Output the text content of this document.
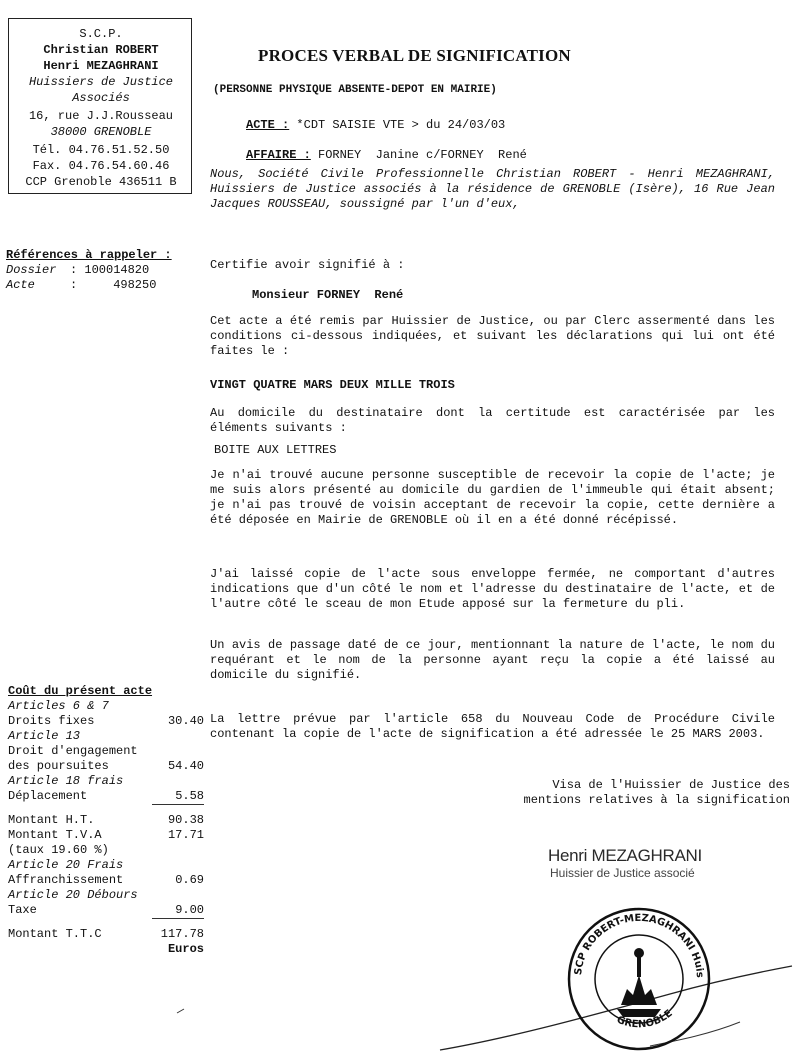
S.C.P.
Christian ROBERT
Henri MEZAGHRANI
Huissiers de Justice
Associés
16, rue J.J.Rousseau
38000 GRENOBLE
Tél. 04.76.51.52.50
Fax. 04.76.54.60.46
CCP Grenoble 436511 B
Références à rappeler :
Dossier : 100014820
Acte	:     498250
PROCES VERBAL DE SIGNIFICATION
(PERSONNE PHYSIQUE ABSENTE-DEPOT EN MAIRIE)
ACTE : *CDT SAISIE VTE > du 24/03/03
AFFAIRE : FORNEY  Janine c/FORNEY  René
Nous, Société Civile Professionnelle Christian ROBERT - Henri MEZAGHRANI, Huissiers de Justice associés à la résidence de GRENOBLE (Isère), 16 Rue Jean Jacques ROUSSEAU, soussigné par l'un d'eux,
Certifie avoir signifié à :
Monsieur FORNEY  René
Cet acte a été remis par Huissier de Justice, ou par Clerc assermenté dans les conditions ci-dessous indiquées, et suivant les déclarations qui lui ont été faites le :
VINGT QUATRE MARS DEUX MILLE TROIS
Au domicile du destinataire dont la certitude est caractérisée par les éléments suivants :
BOITE AUX LETTRES
Je n'ai trouvé aucune personne susceptible de recevoir la copie de l'acte; je me suis alors présenté au domicile du gardien de l'immeuble qui était absent; je n'ai pas trouvé de voisin acceptant de recevoir la copie, cette dernière a été déposée en Mairie de GRENOBLE où il en a été donné récépissé.
J'ai laissé copie de l'acte sous enveloppe fermée, ne comportant d'autres indications que d'un côté le nom et l'adresse du destinataire de l'acte, et de l'autre côté le sceau de mon Etude apposé sur la fermeture du pli.
Un avis de passage daté de ce jour, mentionnant la nature de l'acte, le nom du requérant et le nom de la personne ayant reçu la copie a été laissé au domicile du signifié.
La lettre prévue par l'article 658 du Nouveau Code de Procédure Civile contenant la copie de l'acte de signification a été adressée le 25 MARS 2003.
Visa de l'Huissier de Justice des
mentions relatives à la signification
Henri MEZAGHRANI
Huissier de Justice associé
SCP ROBERT-MEZAGHRANI Huissiers de Justice
GRENOBLE
Coût du présent acte
Articles 6 & 7
Droits fixes	30.40
Article 13
Droit d'engagement
des poursuites	54.40
Article 18 frais
Déplacement	5.58
Montant H.T.	90.38
Montant T.V.A	17.71
(taux 19.60 %)
Article 20 Frais
Affranchissement	0.69
Article 20 Débours
Taxe	9.00
Montant T.T.C	117.78
Euros
